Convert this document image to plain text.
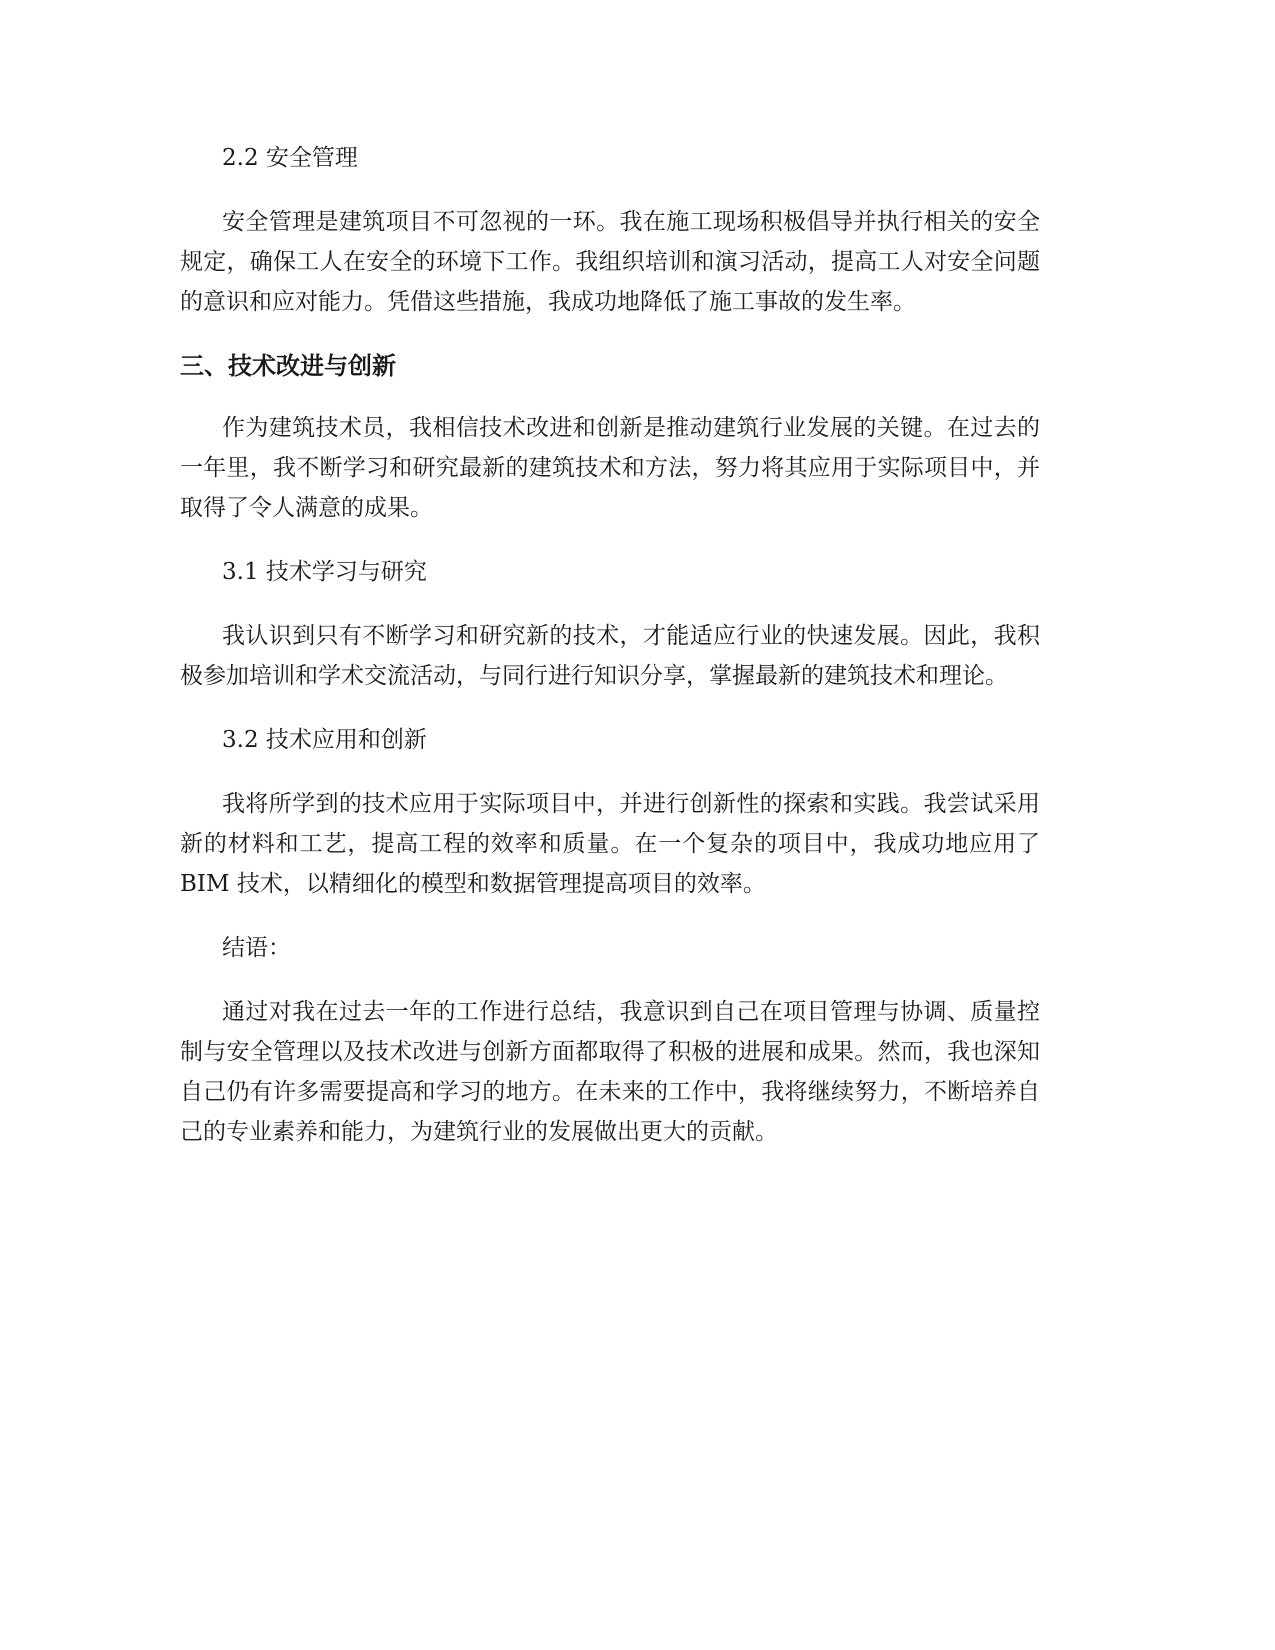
2.2 安全管理

安全管理是建筑项目不可忽视的一环。我在施工现场积极倡导并执行相关的安全规定，确保工人在安全的环境下工作。我组织培训和演习活动，提高工人对安全问题的意识和应对能力。凭借这些措施，我成功地降低了施工事故的发生率。

三、技术改进与创新

作为建筑技术员，我相信技术改进和创新是推动建筑行业发展的关键。在过去的一年里，我不断学习和研究最新的建筑技术和方法，努力将其应用于实际项目中，并取得了令人满意的成果。

3.1 技术学习与研究

我认识到只有不断学习和研究新的技术，才能适应行业的快速发展。因此，我积极参加培训和学术交流活动，与同行进行知识分享，掌握最新的建筑技术和理论。

3.2 技术应用和创新

我将所学到的技术应用于实际项目中，并进行创新性的探索和实践。我尝试采用新的材料和工艺，提高工程的效率和质量。在一个复杂的项目中，我成功地应用了 BIM 技术，以精细化的模型和数据管理提高项目的效率。

结语：

通过对我在过去一年的工作进行总结，我意识到自己在项目管理与协调、质量控制与安全管理以及技术改进与创新方面都取得了积极的进展和成果。然而，我也深知自己仍有许多需要提高和学习的地方。在未来的工作中，我将继续努力，不断培养自己的专业素养和能力，为建筑行业的发展做出更大的贡献。
